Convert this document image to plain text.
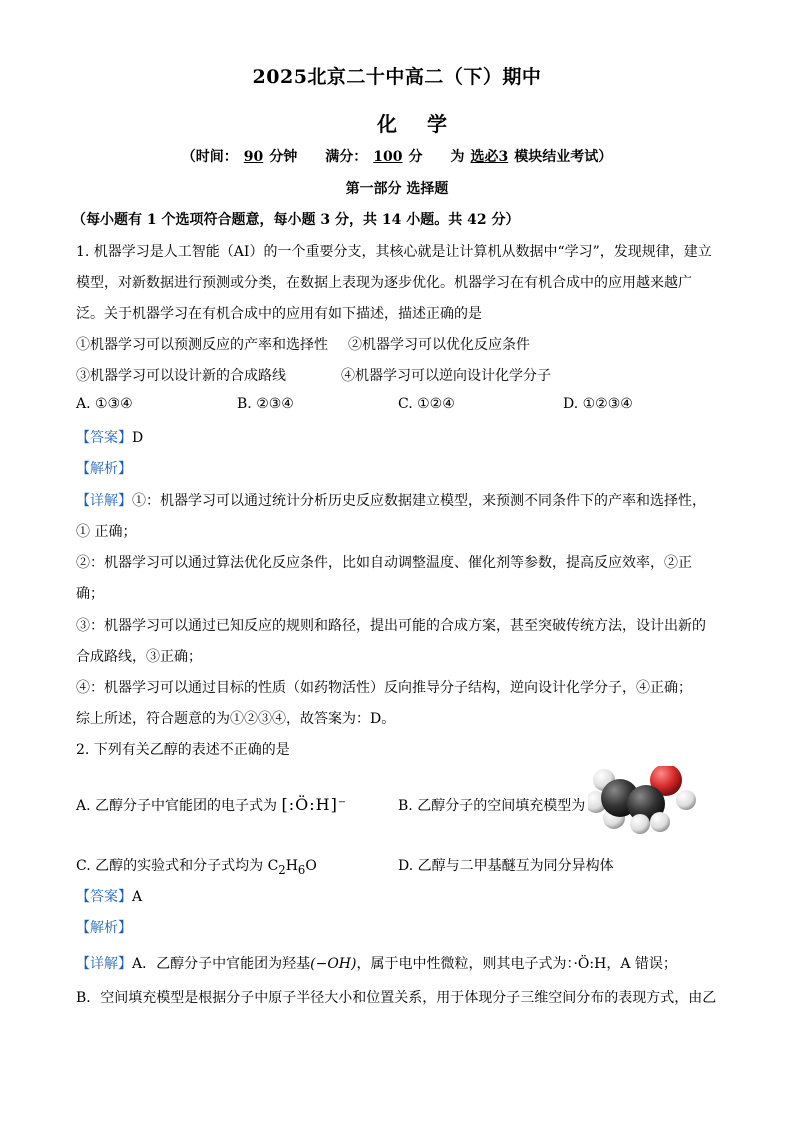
2025北京二十中高二（下）期中
化学
（时间： 90 分钟　　满分： 100 分　　为 选必3 模块结业考试）
第一部分 选择题
（每小题有 1 个选项符合题意，每小题 3 分，共 14 小题。共 42 分）
1. 机器学习是人工智能（AI）的一个重要分支，其核心就是让计算机从数据中“学习”，发现规律，建立
模型，对新数据进行预测或分类，在数据上表现为逐步优化。机器学习在有机合成中的应用越来越广
泛。关于机器学习在有机合成中的应用有如下描述，描述正确的是
①机器学习可以预测反应的产率和选择性 ②机器学习可以优化反应条件
③机器学习可以设计新的合成路线	④机器学习可以逆向设计化学分子
A. ①③④	B. ②③④	C. ①②④	D. ①②③④
【答案】D
【解析】
【详解】①：机器学习可以通过统计分析历史反应数据建立模型，来预测不同条件下的产率和选择性，
① 正确；
②：机器学习可以通过算法优化反应条件，比如自动调整温度、催化剂等参数，提高反应效率，②正
确；
③：机器学习可以通过已知反应的规则和路径，提出可能的合成方案，甚至突破传统方法，设计出新的
合成路线，③正确；
④：机器学习可以通过目标的性质（如药物活性）反向推导分子结构，逆向设计化学分子，④正确；
综上所述，符合题意的为①②③④，故答案为：D。
2. 下列有关乙醇的表述不正确的是
A. 乙醇分子中官能团的电子式为 [:Ö:H]⁻	B. 乙醇分子的空间填充模型为
C. 乙醇的实验式和分子式均为 $C_2H_6O$	D. 乙醇与二甲基醚互为同分异构体
【答案】A
【解析】
【详解】A．乙醇分子中官能团为羟基(−OH)，属于电中性微粒，则其电子式为：·Ö:H，A 错误；
B．空间填充模型是根据分子中原子半径大小和位置关系，用于体现分子三维空间分布的表现方式，由乙
